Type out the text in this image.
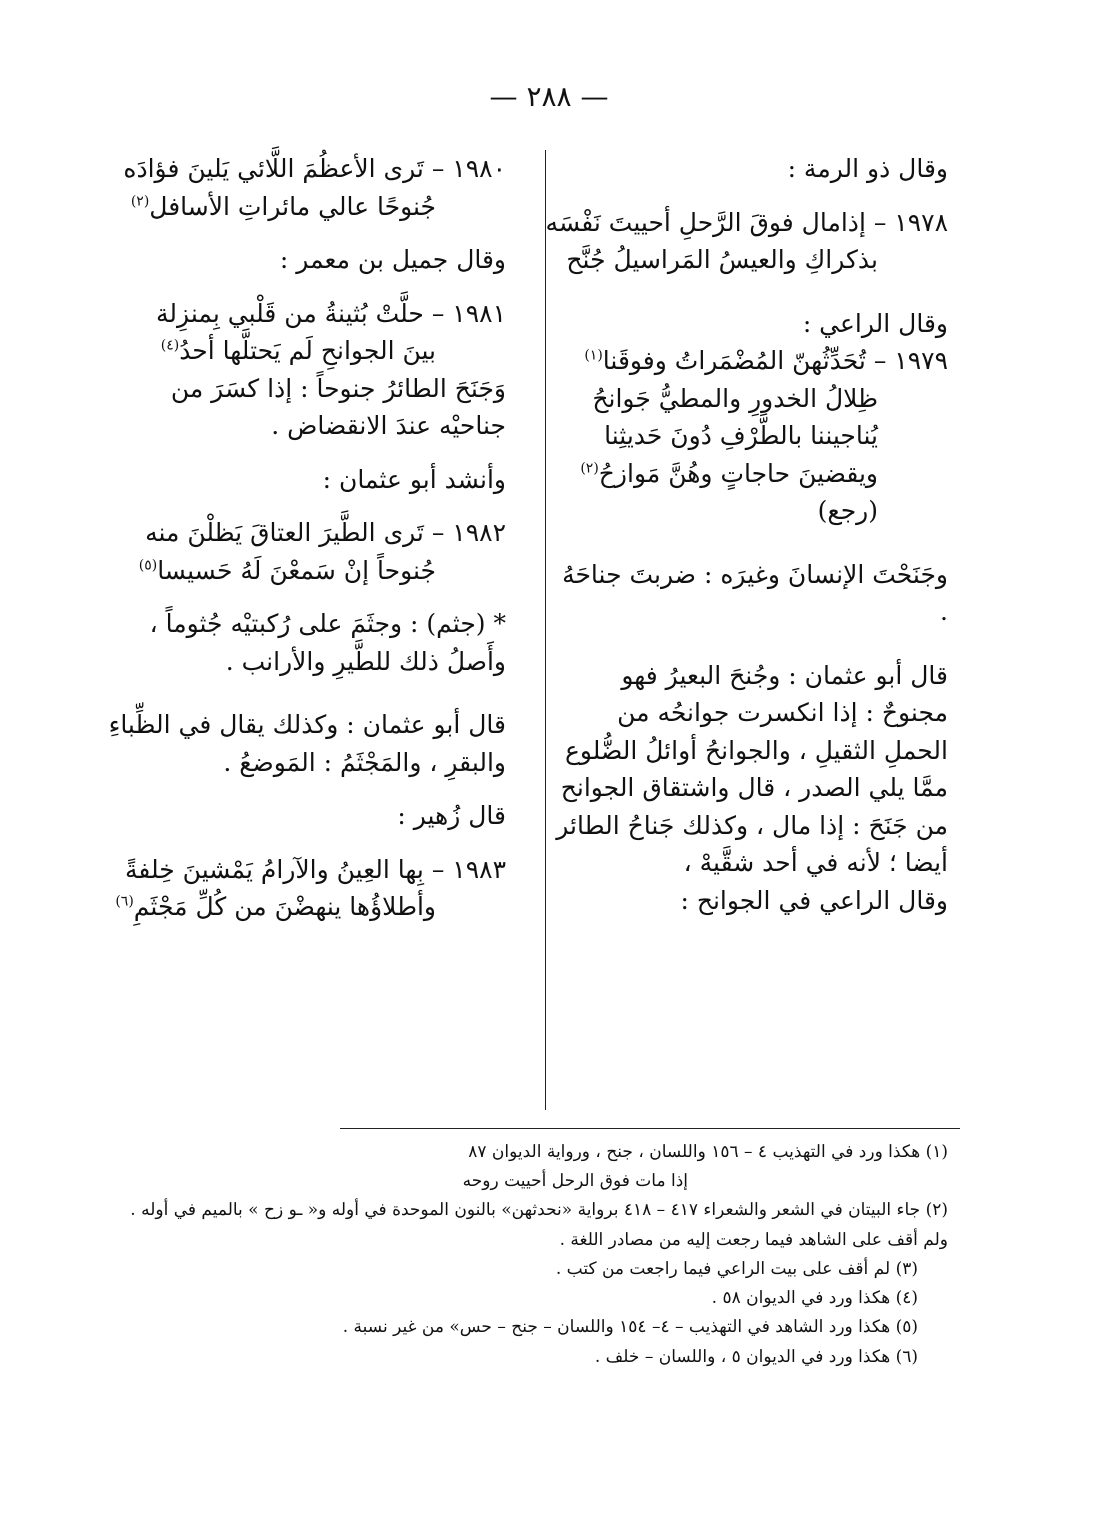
— ٢٨٨ —

وقال ذو الرمة :

١٩٧٨ – إذامال فوقَ الرَّحلِ أحييتَ نَفْسَه

بذكراكِ والعيسُ المَراسيلُ جُنَّح

وقال الراعي :

١٩٧٩ – تُحَدِّثُهنّ المُضْمَراتُ وفوقَنا$^{(١)}$

ظِلالُ الخدورِ والمطيُّ جَوانحُ

يُناجيننا بالطَّرْفِ دُونَ حَديثِنا

ويقضينَ حاجاتٍ وهُنَّ مَوازحُ$^{(٢)}$

(رجع)

وجَنَحْتَ الإنسانَ وغيرَه : ضربتَ جناحَهُ .

قال أبو عثمان : وجُنحَ البعيرُ فهو مجنوحٌ : إذا انكسرت جوانحُه من الحملِ الثقيلِ ، والجوانحُ أوائلُ الضُّلوع ممَّا يلي الصدر ، قال واشتقاق الجوانح من جَنَحَ : إذا مال ، وكذلك جَناحُ الطائر أيضا ؛ لأنه في أحد شقَّيهْ ،

وقال الراعي في الجوانح :

١٩٨٠ – تَرى الأعظُمَ اللَّائي يَلينَ فؤادَه

جُنوحًا عالي مائراتِ الأسافل$^{(٢)}$

وقال جميل بن معمر :

١٩٨١ – حلَّتْ بُثينةُ من قَلْبي بِمنزِلة

بينَ الجوانحِ لَم يَحتلَّها أحدُ$^{(٤)}$

وَجَنَحَ الطائرُ جنوحاً : إذا كسَرَ من جناحيْه عندَ الانقضاض .

وأنشد أبو عثمان :

١٩٨٢ – تَرى الطَّيرَ العتاقَ يَظلْنَ منه

جُنوحاً إنْ سَمعْنَ لَهُ حَسيسا$^{(٥)}$

* (جثم) : وجثَمَ على رُكبتيْه جُثوماً ، وأَصلُ ذلك للطَّيرِ والأرانب .

قال أبو عثمان : وكذلك يقال في الظِّباءِ والبقرِ ، والمَجْثَمُ : المَوضعُ .

قال زُهير :

١٩٨٣ – بِها العِينُ والآرامُ يَمْشينَ خِلفةً

وأطلاؤُها ينهضْنَ من كُلِّ مَجْثَمِ$^{(٦)}$

(١) هكذا ورد في التهذيب ٤ – ١٥٦ واللسان ، جنح ، ورواية الديوان ٨٧

إذا مات فوق الرحل أحييت روحه

(٢) جاء البيتان في الشعر والشعراء ٤١٧ – ٤١٨ برواية «نحدثهن» بالنون الموحدة في أوله و« ـو زح » بالميم في أوله . ولم أقف على الشاهد فيما رجعت إليه من مصادر اللغة .

(٣) لم أقف على بيت الراعي فيما راجعت من كتب .

(٤) هكذا ورد في الديوان ٥٨ .

(٥) هكذا ورد الشاهد في التهذيب – ٤– ١٥٤ واللسان – جنح – حس» من غير نسبة .

(٦) هكذا ورد في الديوان ٥ ، واللسان – خلف .
